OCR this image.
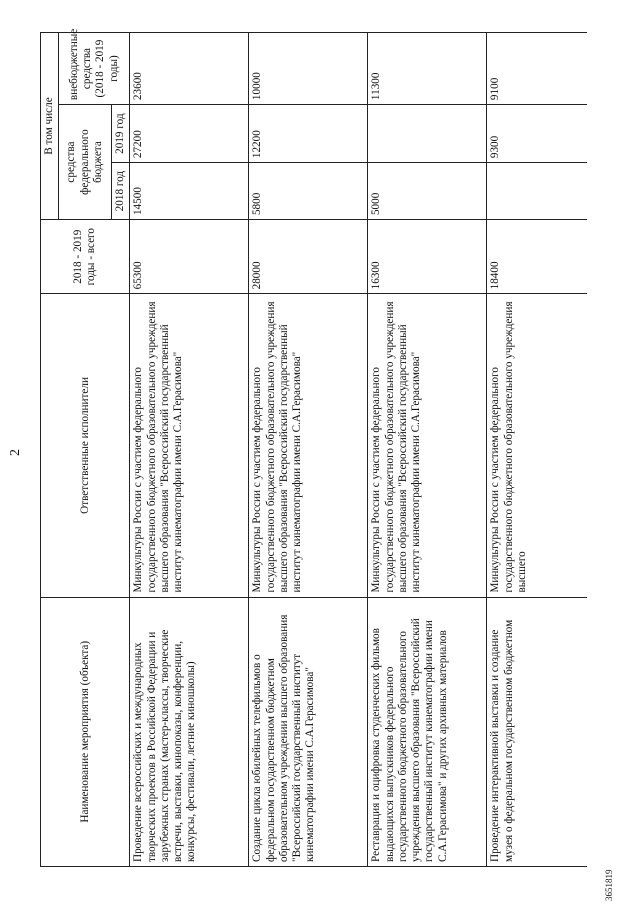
2
Наименование мероприятия (объекта)	Ответственные исполнители	2018 - 2019 годы - всего	В том числе		
			средства федерального бюджета		внебюджетные средства (2018 - 2019 годы)
			2018 год	2019 год	
Проведение всероссийских и международных творческих проектов в Российской Федерации и зарубежных странах (мастер-классы, творческие встречи, выставки, кинопоказы, конференции, конкурсы, фестивали, летние киношколы)	Минкультуры России с участием федерального государственного бюджетного образовательного учреждения высшего образования "Всероссийский государственный институт кинематографии имени С.А.Герасимова"	65300	14500	27200	23600
Создание цикла юбилейных телефильмов о федеральном государственном бюджетном образовательном учреждении высшего образования "Всероссийский государственный институт кинематографии имени С.А.Герасимова"	Минкультуры России с участием федерального государственного бюджетного образовательного учреждения высшего образования "Всероссийский государственный институт кинематографии имени С.А.Герасимова"	28000	5800	12200	10000
Реставрация и оцифровка студенческих фильмов выдающихся выпускников федерального государственного бюджетного образовательного учреждения высшего образования "Всероссийский государственный институт кинематографии имени С.А.Герасимова" и других архивных материалов	Минкультуры России с участием федерального государственного бюджетного образовательного учреждения высшего образования "Всероссийский государственный институт кинематографии имени С.А.Герасимова"	16300	5000		11300
Проведение интерактивной выставки и создание музея о федеральном государственном бюджетном	Минкультуры России с участием федерального государственного бюджетного образовательного учреждения высшего	18400		9300	9100
3651819
